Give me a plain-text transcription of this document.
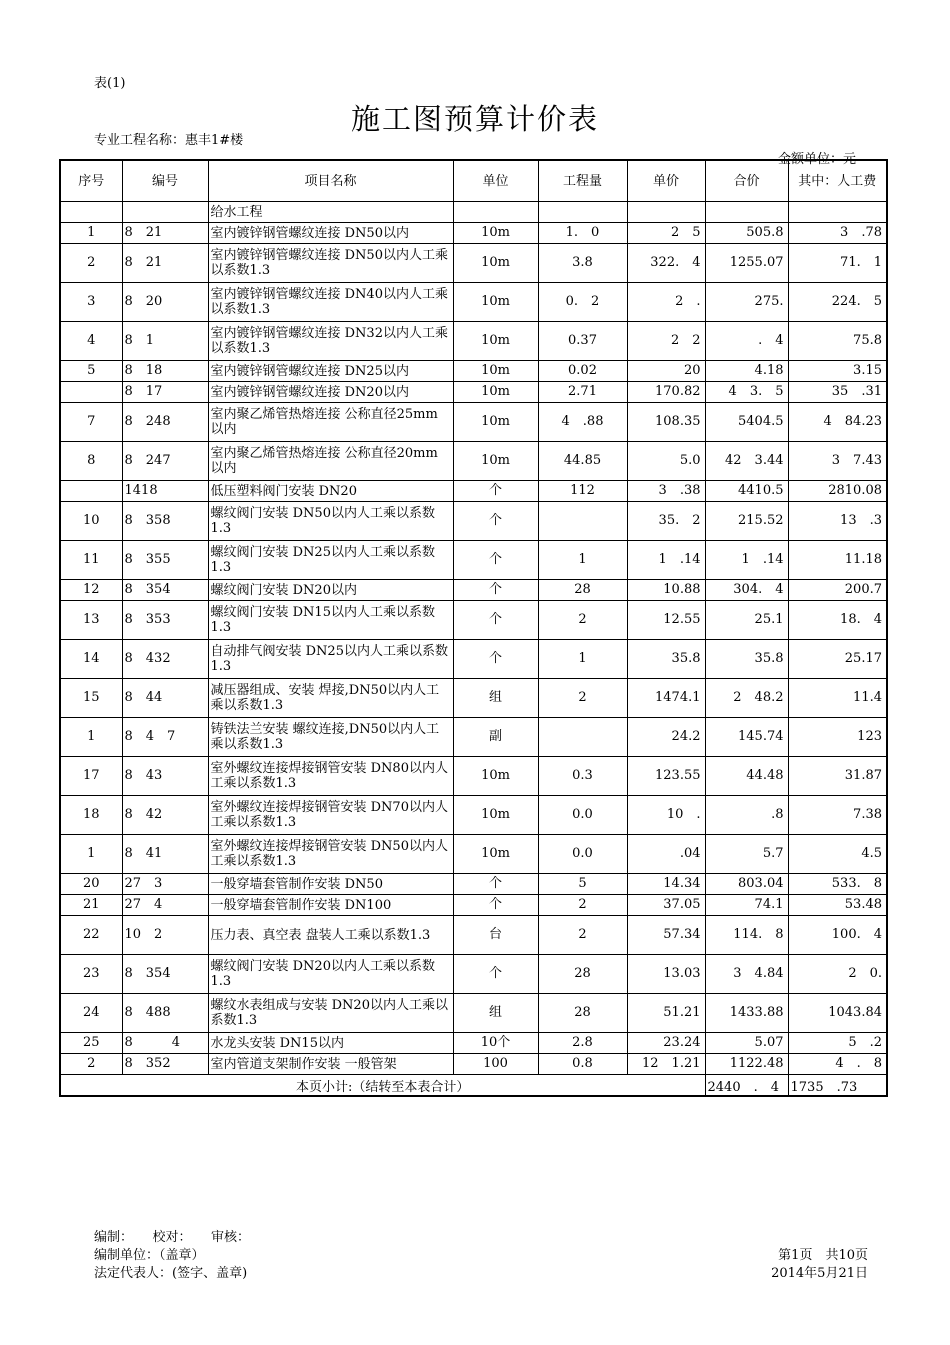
表(1)
施工图预算计价表
专业工程名称：惠丰1#楼
金额单位：元
序号	编号	项目名称	单位	工程量	单价	合价	其中：人工费
		给水工程					
1	8　21	室内镀锌钢管螺纹连接 DN50以内	10m	1.　0	2　5	505.8	3　.78
2	8　21	室内镀锌钢管螺纹连接 DN50以内人工乘以系数1.3	10m	3.8	322.　4	1255.07	71.　1
3	8　20	室内镀锌钢管螺纹连接 DN40以内人工乘以系数1.3	10m	0.　2	2　.	275.	224.　5
4	8　1	室内镀锌钢管螺纹连接 DN32以内人工乘以系数1.3	10m	0.37	2　2	.　4	75.8
5	8　18	室内镀锌钢管螺纹连接 DN25以内	10m	0.02	20	4.18	3.15
	8　17	室内镀锌钢管螺纹连接 DN20以内	10m	2.71	170.82	4　3.　5	35　.31
7	8　248	室内聚乙烯管热熔连接 公称直径25mm以内	10m	4　.88	108.35	5404.5	4　84.23
8	8　247	室内聚乙烯管热熔连接 公称直径20mm以内	10m	44.85	5.0	42　3.44	3　7.43
	1418	低压塑料阀门安装 DN20	个	112	3　.38	4410.5	2810.08
10	8　358	螺纹阀门安装 DN50以内人工乘以系数1.3	个		35.　2	215.52	13　.3
11	8　355	螺纹阀门安装 DN25以内人工乘以系数1.3	个	1	1　.14	1　.14	11.18
12	8　354	螺纹阀门安装 DN20以内	个	28	10.88	304.　4	200.7
13	8　353	螺纹阀门安装 DN15以内人工乘以系数1.3	个	2	12.55	25.1	18.　4
14	8　432	自动排气阀安装 DN25以内人工乘以系数1.3	个	1	35.8	35.8	25.17
15	8　44	减压器组成、安装 焊接,DN50以内人工乘以系数1.3	组	2	1474.1	2　48.2	11.4
1	8　4　7	铸铁法兰安装 螺纹连接,DN50以内人工乘以系数1.3	副		24.2	145.74	123
17	8　43	室外螺纹连接焊接钢管安装 DN80以内人工乘以系数1.3	10m	0.3	123.55	44.48	31.87
18	8　42	室外螺纹连接焊接钢管安装 DN70以内人工乘以系数1.3	10m	0.0	10　.	.8	7.38
1	8　41	室外螺纹连接焊接钢管安装 DN50以内人工乘以系数1.3	10m	0.0	.04	5.7	4.5
20	27　3	一般穿墙套管制作安装 DN50	个	5	14.34	803.04	533.　8
21	27　4	一般穿墙套管制作安装 DN100	个	2	37.05	74.1	53.48
22	10　2	压力表、真空表 盘装人工乘以系数1.3	台	2	57.34	114.　8	100.　4
23	8　354	螺纹阀门安装 DN20以内人工乘以系数1.3	个	28	13.03	3　4.84	2　0.
24	8　488	螺纹水表组成与安装 DN20以内人工乘以系数1.3	组	28	51.21	1433.88	1043.84
25	8　　　4	水龙头安装 DN15以内	10个	2.8	23.24	5.07	5　.2
2	8　352	室内管道支架制作安装 一般管架	100	0.8	12　1.21	1122.48	4　.　8
本页小计:（结转至本表合计）						2440　.　4	1735　.73
编制：　　校对：　　审核：
编制单位：（盖章）
法定代表人：(签字、盖章)
第1页　共10页
2014年5月21日
